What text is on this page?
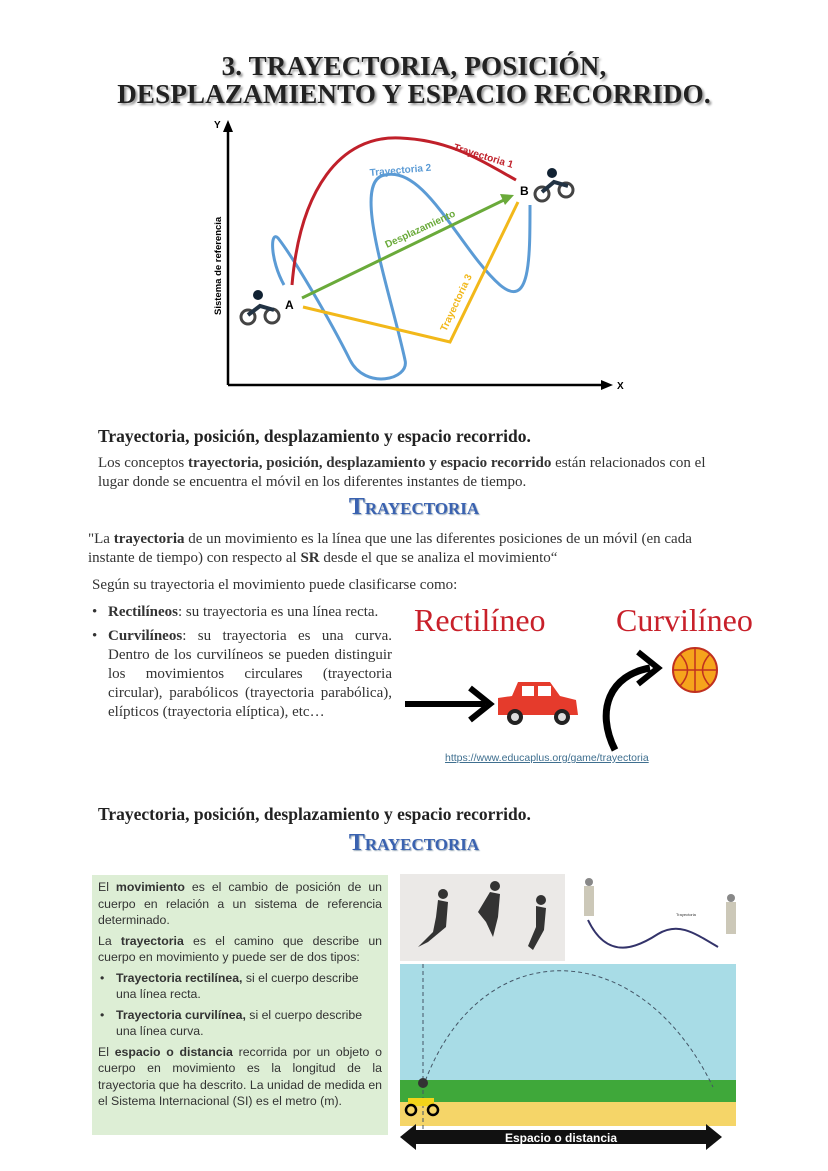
3. TRAYECTORIA, POSICIÓN,
DESPLAZAMIENTO Y ESPACIO RECORRIDO.
Y
X
Sistema de referencia
Trayectoria 1
Trayectoria 2
Desplazamiento
Trayectoria 3
A
B
Trayectoria, posición, desplazamiento y espacio recorrido.
Los conceptos trayectoria, posición, desplazamiento y espacio recorrido están relacionados con el lugar donde se encuentra el móvil en los diferentes instantes de tiempo.
Trayectoria
"La trayectoria de un movimiento es la línea que une las diferentes posiciones de un móvil (en cada instante de tiempo) con respecto al SR desde el que se analiza el movimiento“
Según su trayectoria el movimiento puede clasificarse como:
• Rectilíneos: su trayectoria es una línea recta.
• Curvilíneos: su trayectoria es una curva. Dentro de los curvilíneos se pueden distinguir los movimientos circulares (trayectoria circular), parabólicos (trayectoria parabólica), elípticos (trayectoria elíptica), etc…
Rectilíneo Curvilíneo
https://www.educaplus.org/game/trayectoria
Trayectoria, posición, desplazamiento y espacio recorrido.
Trayectoria

El movimiento es el cambio de posición de un cuerpo en relación a un sistema de referencia determinado.

La trayectoria es el camino que describe un cuerpo en movimiento y puede ser de dos tipos:

• Trayectoria rectilínea, si el cuerpo describe una línea recta.
• Trayectoria curvilínea, si el cuerpo describe una línea curva.

El espacio o distancia recorrida por un objeto o cuerpo en movimiento es la longitud de la trayectoria que ha descrito. La unidad de medida en el Sistema Internacional (SI) es el metro (m).

Trayectoria
Espacio o distancia
